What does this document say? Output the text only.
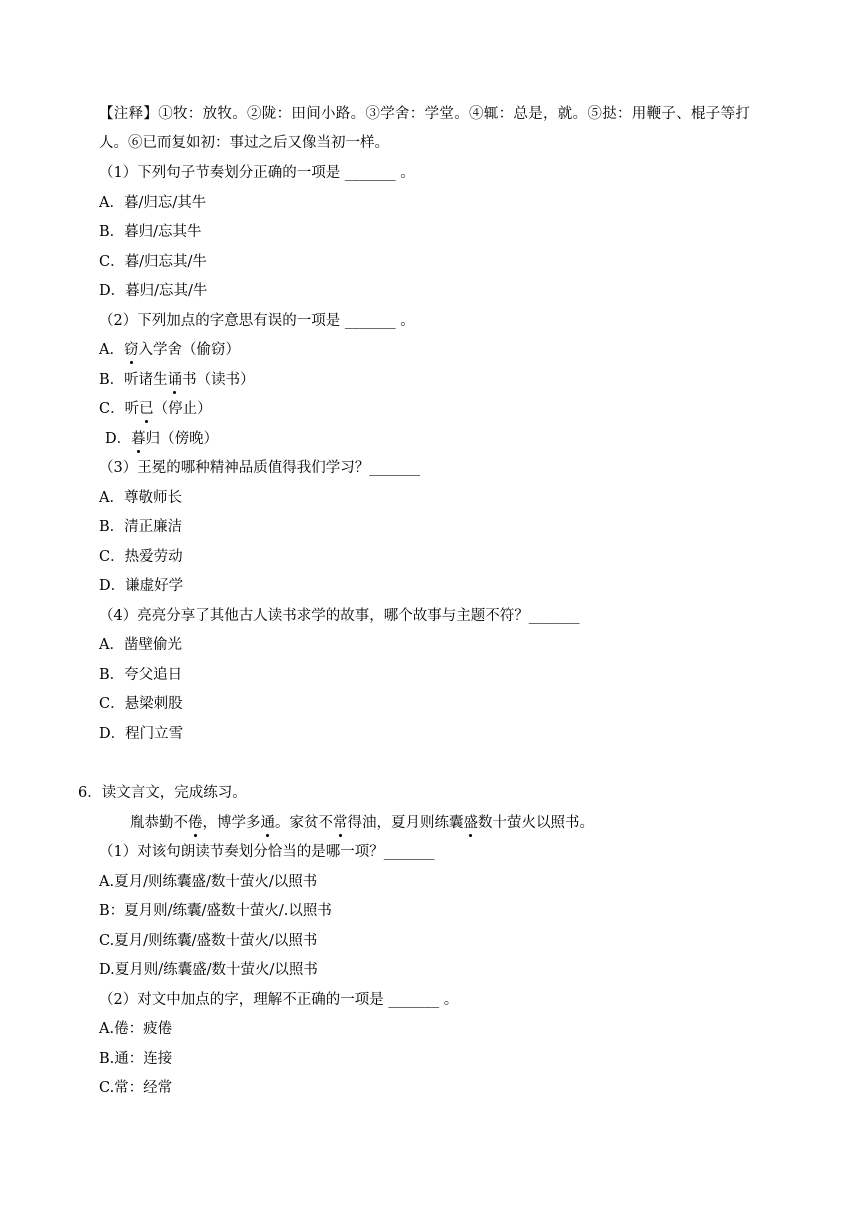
【注释】①牧：放牧。②陇：田间小路。③学舍：学堂。④辄：总是，就。⑤挞：用鞭子、棍子等打
人。⑥已而复如初：事过之后又像当初一样。
（1）下列句子节奏划分正确的一项是 _______ 。
A．暮/归忘/其牛
B．暮归/忘其牛
C．暮/归忘其/牛
D．暮归/忘其/牛
（2）下列加点的字意思有误的一项是 _______ 。
A．窃入学舍（偷窃）
B．听诸生诵书（读书）
C．听已（停止）
D．暮归（傍晚）
（3）王冕的哪种精神品质值得我们学习？_______
A．尊敬师长
B．清正廉洁
C．热爱劳动
D．谦虚好学
（4）亮亮分享了其他古人读书求学的故事，哪个故事与主题不符？_______
A．凿壁偷光
B．夸父追日
C．悬梁刺股
D．程门立雪
6．读文言文，完成练习。
胤恭勤不倦，博学多通。家贫不常得油，夏月则练囊盛数十萤火以照书。
（1）对该句朗读节奏划分恰当的是哪一项？_______
A.夏月/则练囊盛/数十萤火/以照书
B：夏月则/练囊/盛数十萤火/.以照书
C.夏月/则练囊/盛数十萤火/以照书
D.夏月则/练囊盛/数十萤火/以照书
（2）对文中加点的字，理解不正确的一项是 _______ 。
A.倦：疲倦
B.通：连接
C.常：经常
